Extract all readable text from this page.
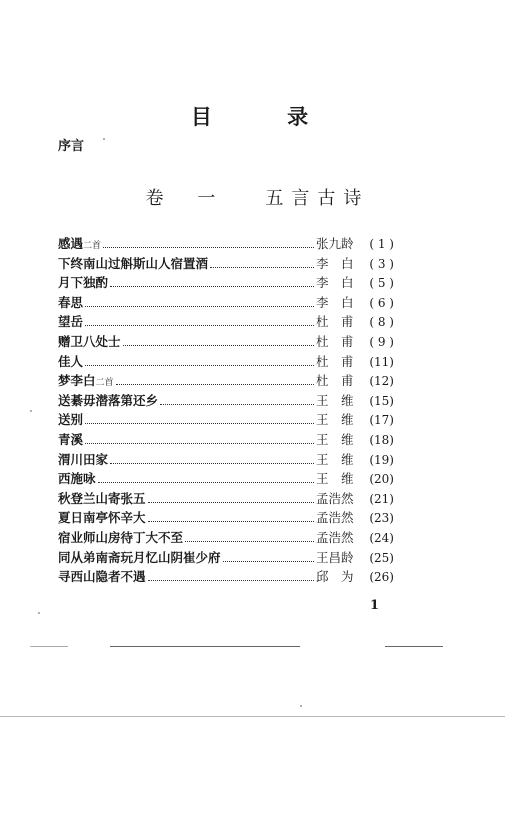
目 录
序言
卷 一 五言古诗
感遇 二首	张九龄	( 1 )
下终南山过斛斯山人宿置酒	李　白	( 3 )
月下独酌	李　白	( 5 )
春思	李　白	( 6 )
望岳	杜　甫	( 8 )
赠卫八处士	杜　甫	( 9 )
佳人	杜　甫	(11)
梦李白 二首	杜　甫	(12)
送綦毋潜落第还乡	王　维	(15)
送别	王　维	(17)
青溪	王　维	(18)
渭川田家	王　维	(19)
西施咏	王　维	(20)
秋登兰山寄张五	孟浩然	(21)
夏日南亭怀辛大	孟浩然	(23)
宿业师山房待丁大不至	孟浩然	(24)
同从弟南斋玩月忆山阴崔少府	王昌龄	(25)
寻西山隐者不遇	邱　为	(26)
1
